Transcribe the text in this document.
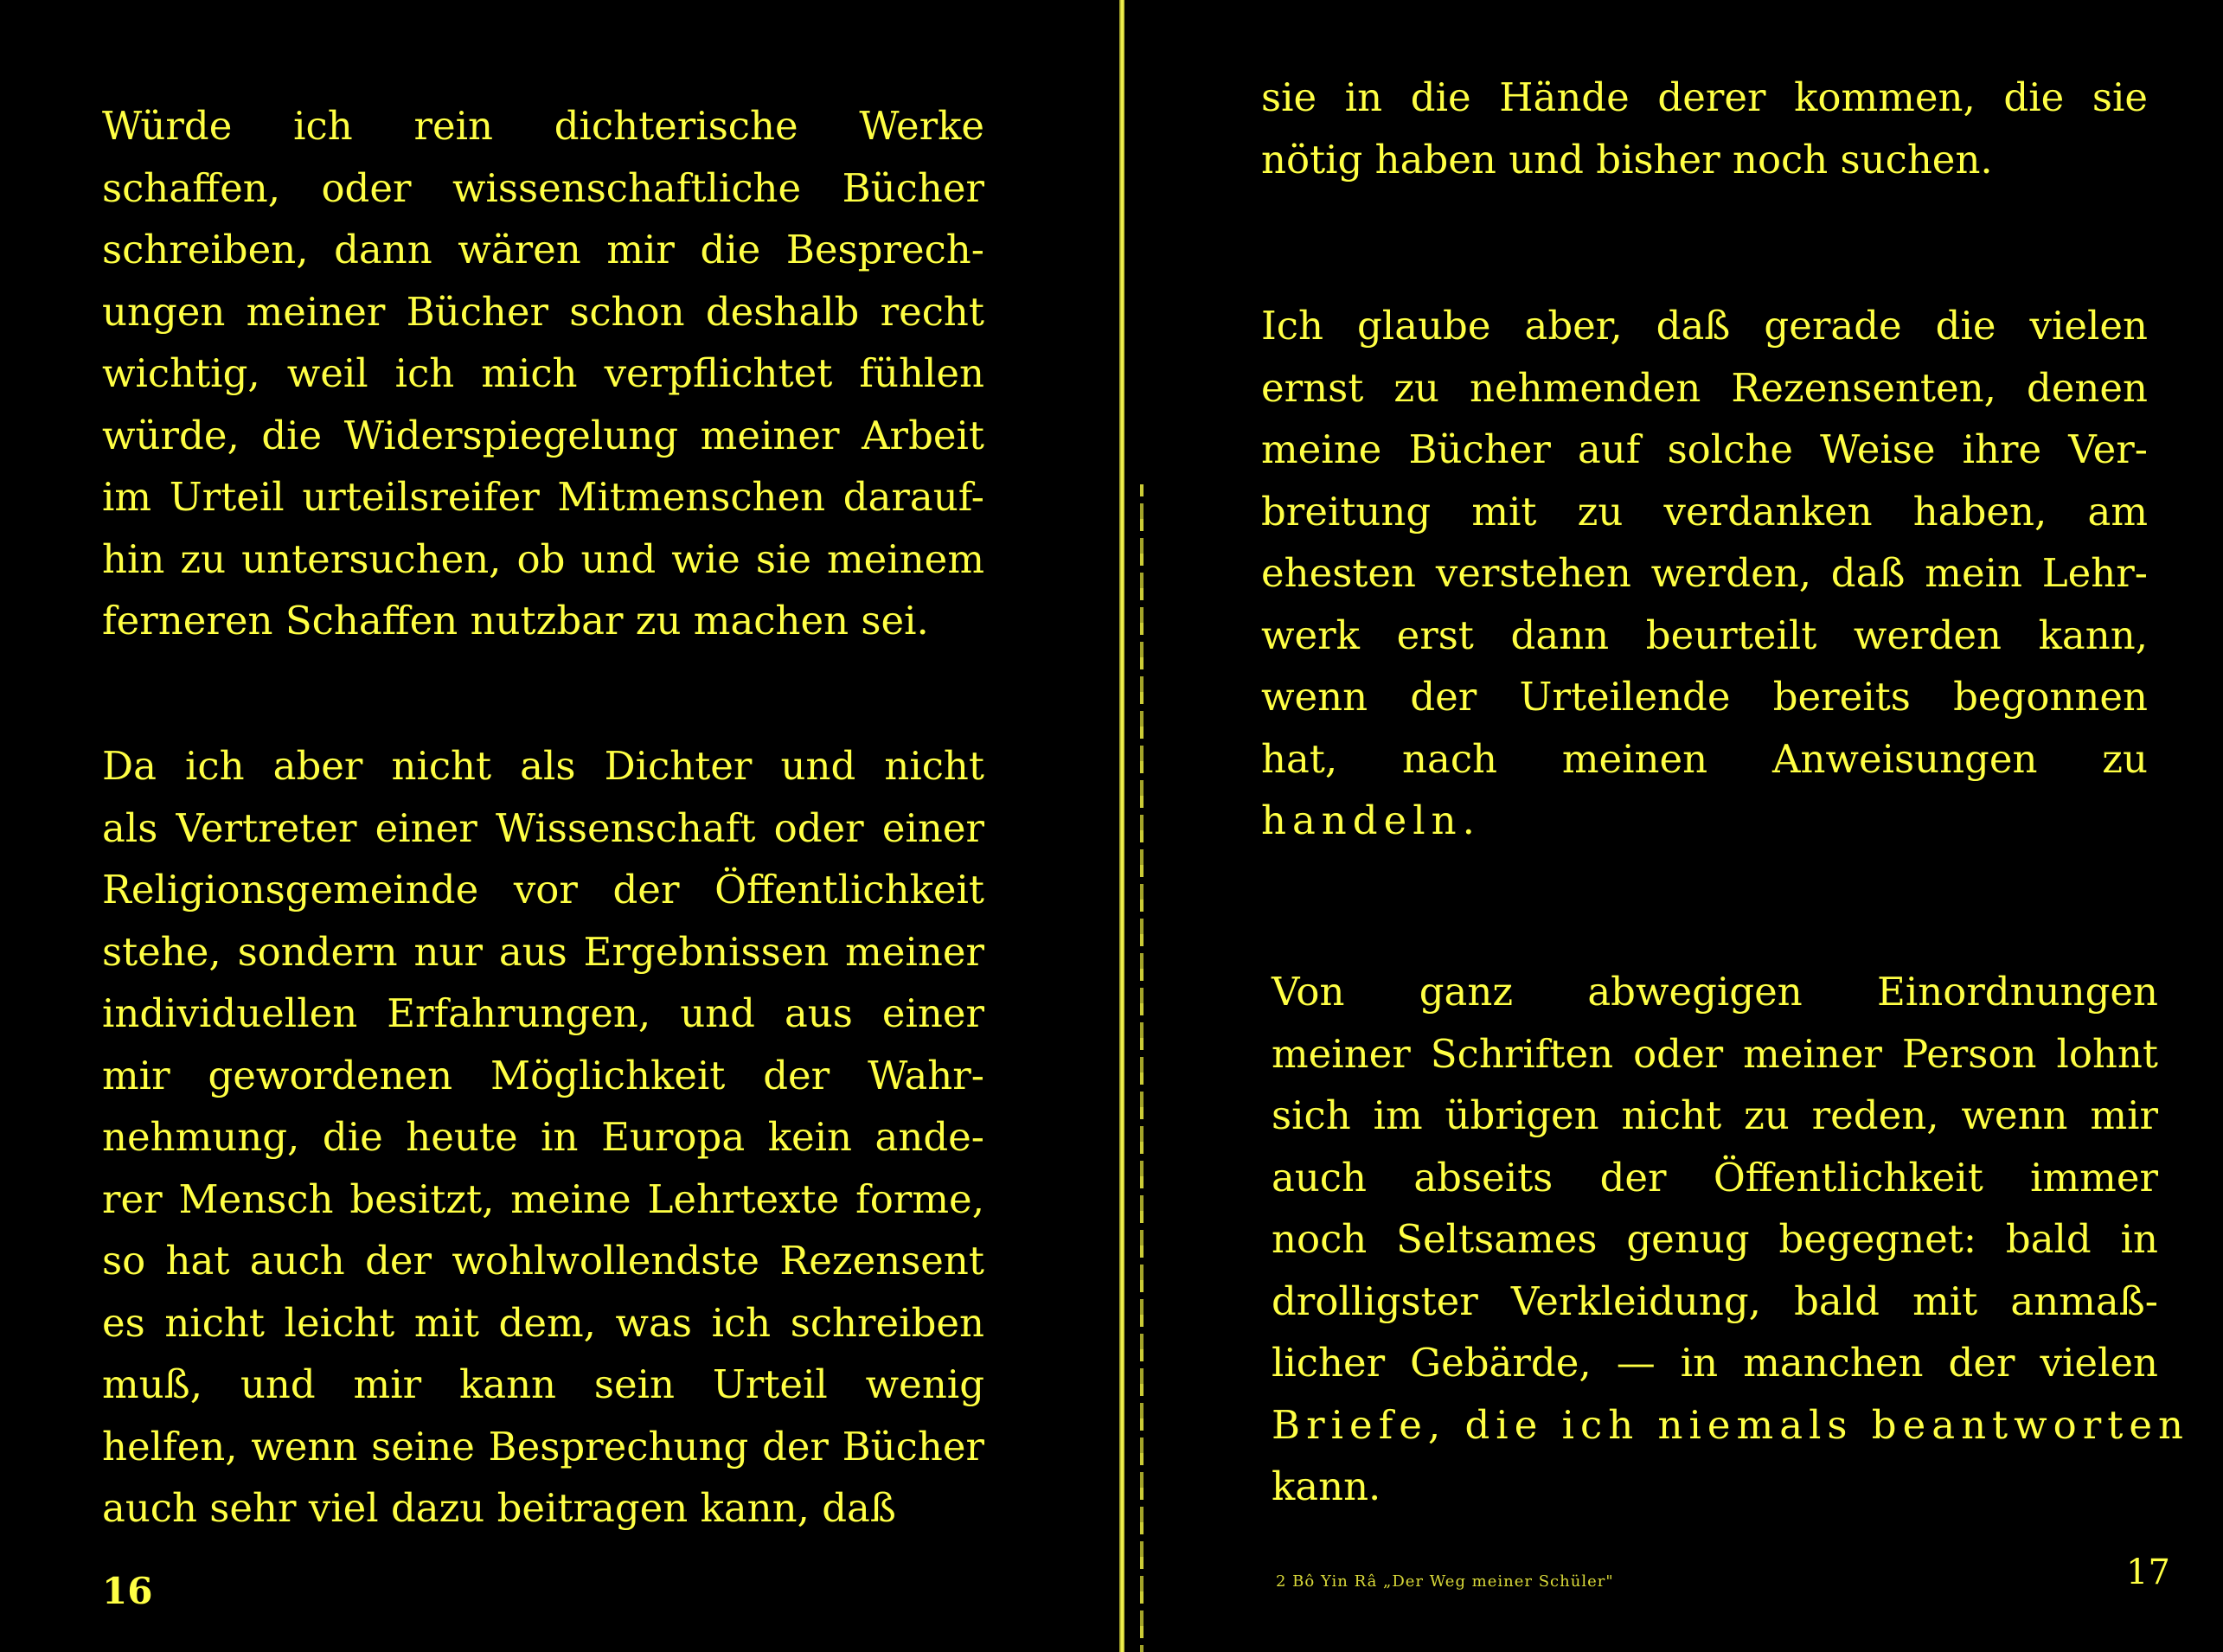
Würde ich rein dichterische Werke
schaffen, oder wissenschaftliche Bücher
schreiben, dann wären mir die Besprech-
ungen meiner Bücher schon deshalb recht
wichtig, weil ich mich verpflichtet fühlen
würde, die Widerspiegelung meiner Arbeit
im Urteil urteilsreifer Mitmenschen darauf-
hin zu untersuchen, ob und wie sie meinem
ferneren Schaffen nutzbar zu machen sei.

Da ich aber nicht als Dichter und nicht
als Vertreter einer Wissenschaft oder einer
Religionsgemeinde vor der Öffentlichkeit
stehe, sondern nur aus Ergebnissen meiner
individuellen Erfahrungen, und aus einer
mir gewordenen Möglichkeit der Wahr-
nehmung, die heute in Europa kein ande-
rer Mensch besitzt, meine Lehrtexte forme,
so hat auch der wohlwollendste Rezensent
es nicht leicht mit dem, was ich schreiben
muß, und mir kann sein Urteil wenig
helfen, wenn seine Besprechung der Bücher
auch sehr viel dazu beitragen kann, daß

16

sie in die Hände derer kommen, die sie
nötig haben und bisher noch suchen.

Ich glaube aber, daß gerade die vielen
ernst zu nehmenden Rezensenten, denen
meine Bücher auf solche Weise ihre Ver-
breitung mit zu verdanken haben, am
ehesten verstehen werden, daß mein Lehr-
werk erst dann beurteilt werden kann,
wenn der Urteilende bereits begonnen
hat, nach meinen Anweisungen zu
handeln.

Von ganz abwegigen Einordnungen
meiner Schriften oder meiner Person lohnt
sich im übrigen nicht zu reden, wenn mir
auch abseits der Öffentlichkeit immer
noch Seltsames genug begegnet: bald in
drolligster Verkleidung, bald mit anmaß-
licher Gebärde, — in manchen der vielen
Briefe, die ich niemals beantworten
kann.

2 Bô Yin Râ „Der Weg meiner Schüler"	17
